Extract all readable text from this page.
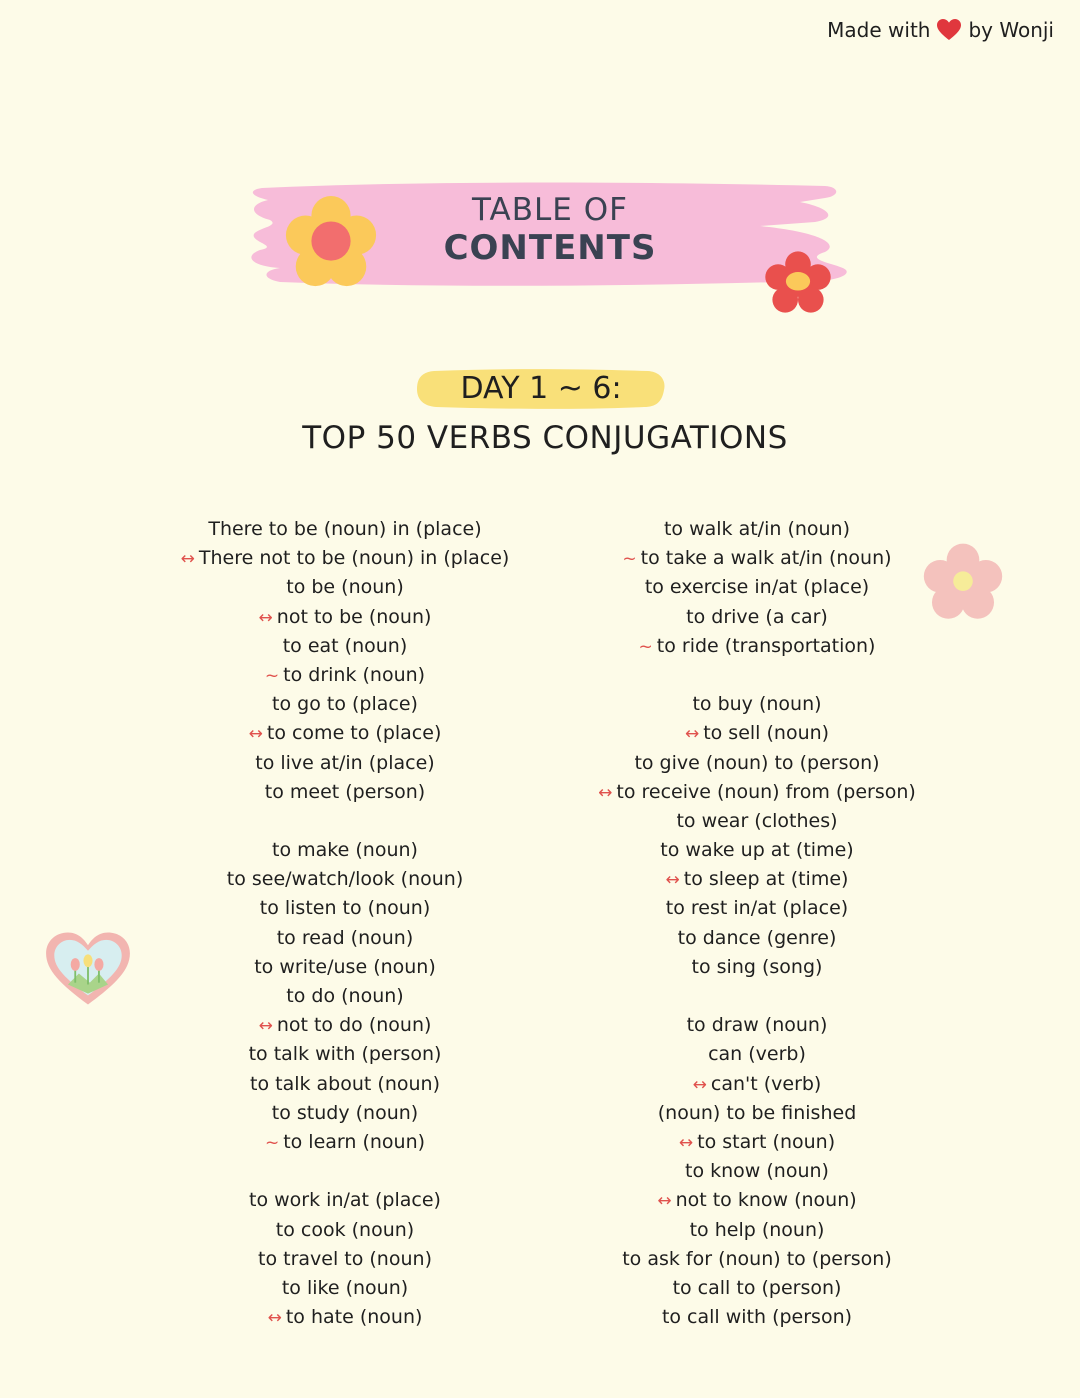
Made with by Wonji
TABLE OF
CONTENTS
DAY 1 ~ 6:
TOP 50 VERBS CONJUGATIONS
There to be (noun) in (place)
↔ There not to be (noun) in (place)
to be (noun)
↔ not to be (noun)
to eat (noun)
~ to drink (noun)
to go to (place)
↔ to come to (place)
to live at/in (place)
to meet (person)
to make (noun)
to see/watch/look (noun)
to listen to (noun)
to read (noun)
to write/use (noun)
to do (noun)
↔ not to do (noun)
to talk with (person)
to talk about (noun)
to study (noun)
~ to learn (noun)
to work in/at (place)
to cook (noun)
to travel to (noun)
to like (noun)
↔ to hate (noun)
to walk at/in (noun)
~ to take a walk at/in (noun)
to exercise in/at (place)
to drive (a car)
~ to ride (transportation)
to buy (noun)
↔ to sell (noun)
to give (noun) to (person)
↔ to receive (noun) from (person)
to wear (clothes)
to wake up at (time)
↔ to sleep at (time)
to rest in/at (place)
to dance (genre)
to sing (song)
to draw (noun)
can (verb)
↔ can't (verb)
(noun) to be finished
↔ to start (noun)
to know (noun)
↔ not to know (noun)
to help (noun)
to ask for (noun) to (person)
to call to (person)
to call with (person)
